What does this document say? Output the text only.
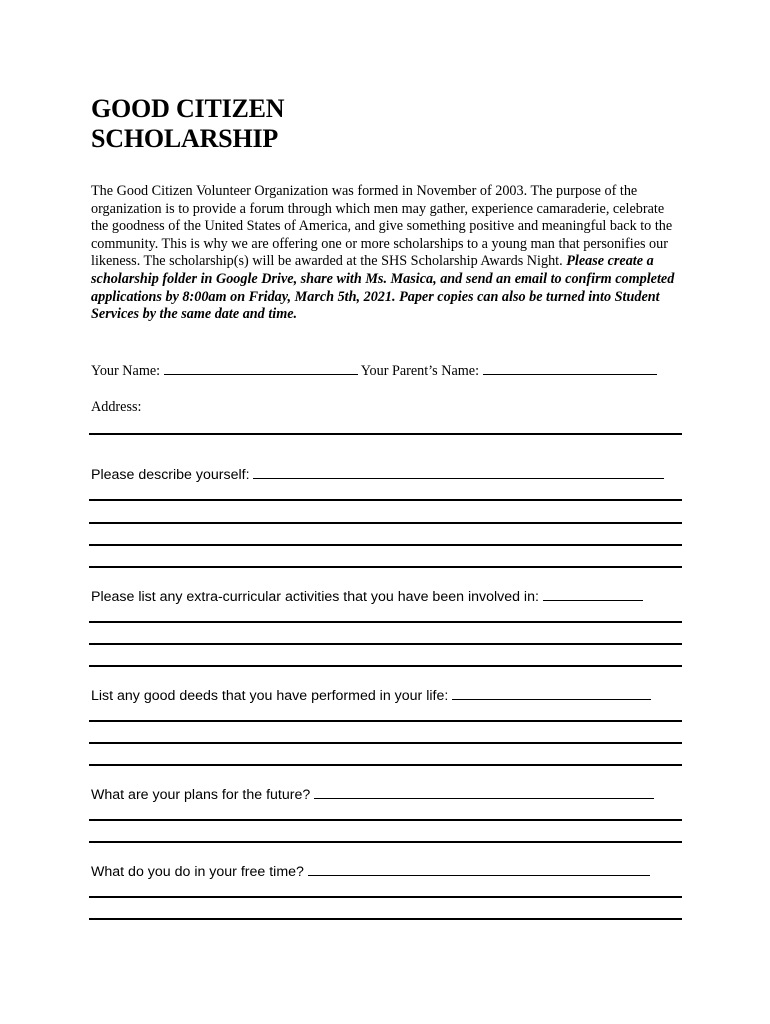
GOOD CITIZEN
SCHOLARSHIP
The Good Citizen Volunteer Organization was formed in November of 2003. The purpose of the organization is to provide a forum through which men may gather, experience camaraderie, celebrate the goodness of the United States of America, and give something positive and meaningful back to the community. This is why we are offering one or more scholarships to a young man that personifies our likeness. The scholarship(s) will be awarded at the SHS Scholarship Awards Night. Please create a scholarship folder in Google Drive, share with Ms. Masica, and send an email to confirm completed applications by 8:00am on Friday, March 5th, 2021. Paper copies can also be turned into Student Services by the same date and time.
Your Name:	Your Parent’s Name:
Address:
Please describe yourself:
Please list any extra-curricular activities that you have been involved in:
List any good deeds that you have performed in your life:
What are your plans for the future?
What do you do in your free time?
